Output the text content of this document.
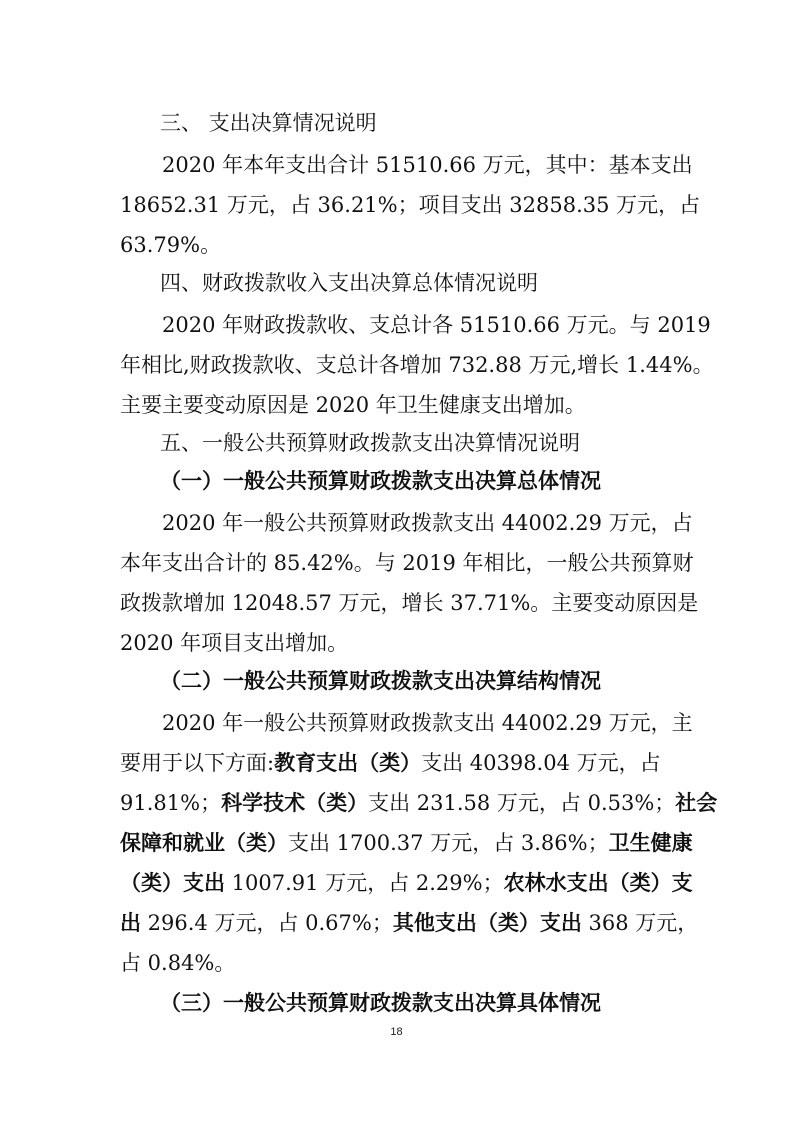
三、 支出决算情况说明
2020 年本年支出合计 51510.66 万元，其中：基本支出
18652.31 万元，占 36.21%；项目支出 32858.35 万元，占
63.79%。
四、财政拨款收入支出决算总体情况说明
2020 年财政拨款收、支总计各 51510.66 万元。与 2019
年相比,财政拨款收、支总计各增加 732.88 万元,增长 1.44%。
主要主要变动原因是 2020 年卫生健康支出增加。
五、一般公共预算财政拨款支出决算情况说明
（一）一般公共预算财政拨款支出决算总体情况
2020 年一般公共预算财政拨款支出 44002.29 万元，占
本年支出合计的 85.42%。与 2019 年相比，一般公共预算财
政拨款增加 12048.57 万元，增长 37.71%。主要变动原因是
2020 年项目支出增加。
（二）一般公共预算财政拨款支出决算结构情况
2020 年一般公共预算财政拨款支出 44002.29 万元，主
要用于以下方面:教育支出（类）支出 40398.04 万元，占
91.81%；科学技术（类）支出 231.58 万元，占 0.53%；社会
保障和就业（类）支出 1700.37 万元，占 3.86%；卫生健康
（类）支出 1007.91 万元，占 2.29%；农林水支出（类）支
出 296.4 万元，占 0.67%；其他支出（类）支出 368 万元，
占 0.84%。
（三）一般公共预算财政拨款支出决算具体情况
18
